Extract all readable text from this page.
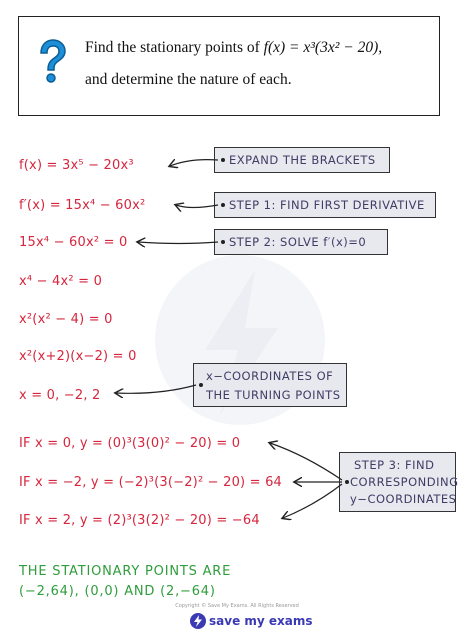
Find the stationary points of f(x) = x³(3x² − 20),
and determine the nature of each.
f(x) = 3x⁵ − 20x³
f′(x) = 15x⁴ − 60x²
15x⁴ − 60x² = 0
x⁴ − 4x² = 0
x²(x² − 4) = 0
x²(x+2)(x−2) = 0
x = 0, −2, 2
IF x = 0, y = (0)³(3(0)² − 20) = 0
IF x = −2, y = (−2)³(3(−2)² − 20) = 64
IF x = 2, y = (2)³(3(2)² − 20) = −64
EXPAND THE BRACKETS
STEP 1: FIND FIRST DERIVATIVE
STEP 2: SOLVE f′(x)=0
x−COORDINATES OF
THE TURNING POINTS
STEP 3: FIND
CORRESPONDING
y−COORDINATES
THE STATIONARY POINTS ARE
(−2,64), (0,0) AND (2,−64)
Copyright © Save My Exams. All Rights Reserved
save my exams
